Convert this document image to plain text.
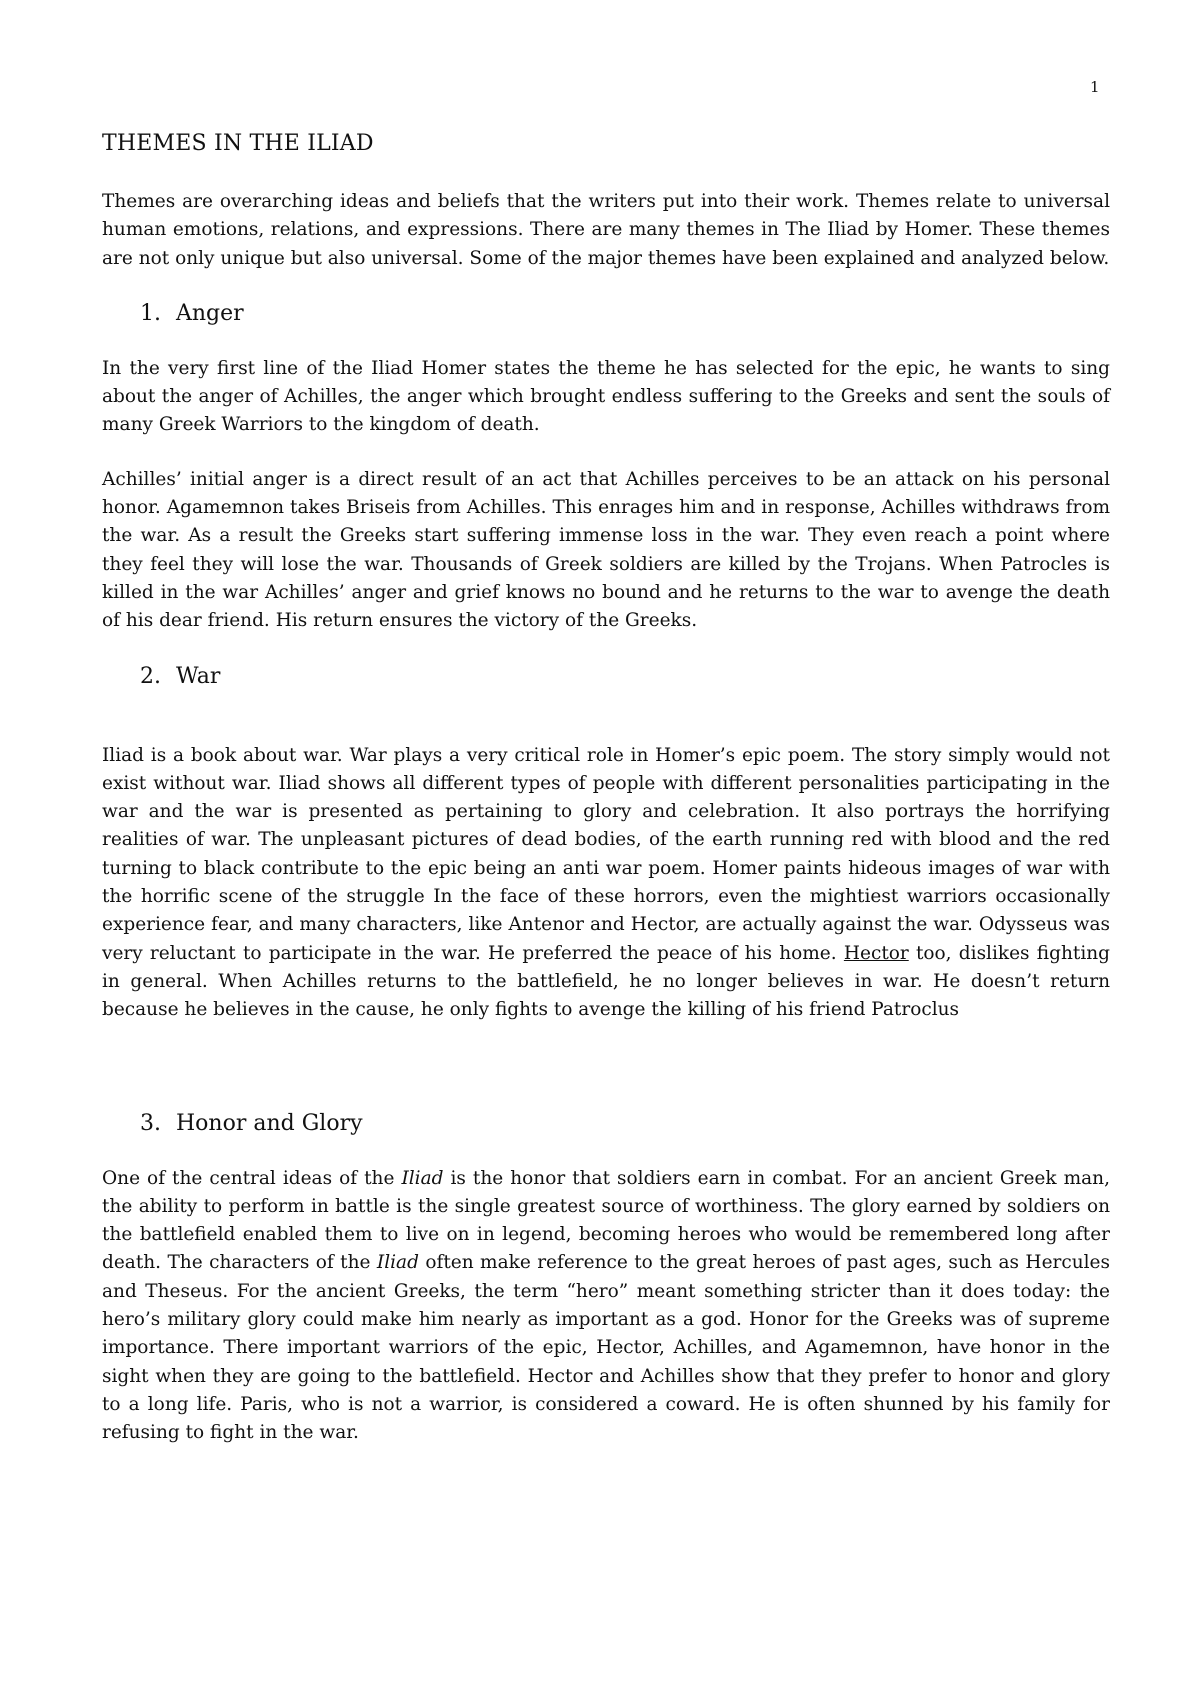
1
THEMES IN THE ILIAD

Themes are overarching ideas and beliefs that the writers put into their work. Themes relate to universal human emotions, relations, and expressions. There are many themes in The Iliad by Homer. These themes are not only unique but also universal. Some of the major themes have been explained and analyzed below.

1. Anger

In the very first line of the Iliad Homer states the theme he has selected for the epic, he wants to sing about the anger of Achilles, the anger which brought endless suffering to the Greeks and sent the souls of many Greek Warriors to the kingdom of death.

Achilles’ initial anger is a direct result of an act that Achilles perceives to be an attack on his personal honor. Agamemnon takes Briseis from Achilles. This enrages him and in response, Achilles withdraws from the war. As a result the Greeks start suffering immense loss in the war. They even reach a point where they feel they will lose the war. Thousands of Greek soldiers are killed by the Trojans. When Patrocles is killed in the war Achilles’ anger and grief knows no bound and he returns to the war to avenge the death of his dear friend. His return ensures the victory of the Greeks.

2. War

Iliad is a book about war. War plays a very critical role in Homer’s epic poem. The story simply would not exist without war. Iliad shows all different types of people with different personalities participating in the war and the war is presented as pertaining to glory and celebration. It also portrays the horrifying realities of war. The unpleasant pictures of dead bodies, of the earth running red with blood and the red turning to black contribute to the epic being an anti war poem. Homer paints hideous images of war with the horrific scene of the struggle In the face of these horrors, even the mightiest warriors occasionally experience fear, and many characters, like Antenor and Hector, are actually against the war. Odysseus was very reluctant to participate in the war. He preferred the peace of his home. Hector too, dislikes fighting in general. When Achilles returns to the battlefield, he no longer believes in war. He doesn’t return because he believes in the cause, he only fights to avenge the killing of his friend Patroclus

3. Honor and Glory

One of the central ideas of the Iliad is the honor that soldiers earn in combat. For an ancient Greek man, the ability to perform in battle is the single greatest source of worthiness. The glory earned by soldiers on the battlefield enabled them to live on in legend, becoming heroes who would be remembered long after death. The characters of the Iliad often make reference to the great heroes of past ages, such as Hercules and Theseus. For the ancient Greeks, the term “hero” meant something stricter than it does today: the hero’s military glory could make him nearly as important as a god. Honor for the Greeks was of supreme importance. There important warriors of the epic, Hector, Achilles, and Agamemnon, have honor in the sight when they are going to the battlefield. Hector and Achilles show that they prefer to honor and glory to a long life. Paris, who is not a warrior, is considered a coward. He is often shunned by his family for refusing to fight in the war.
